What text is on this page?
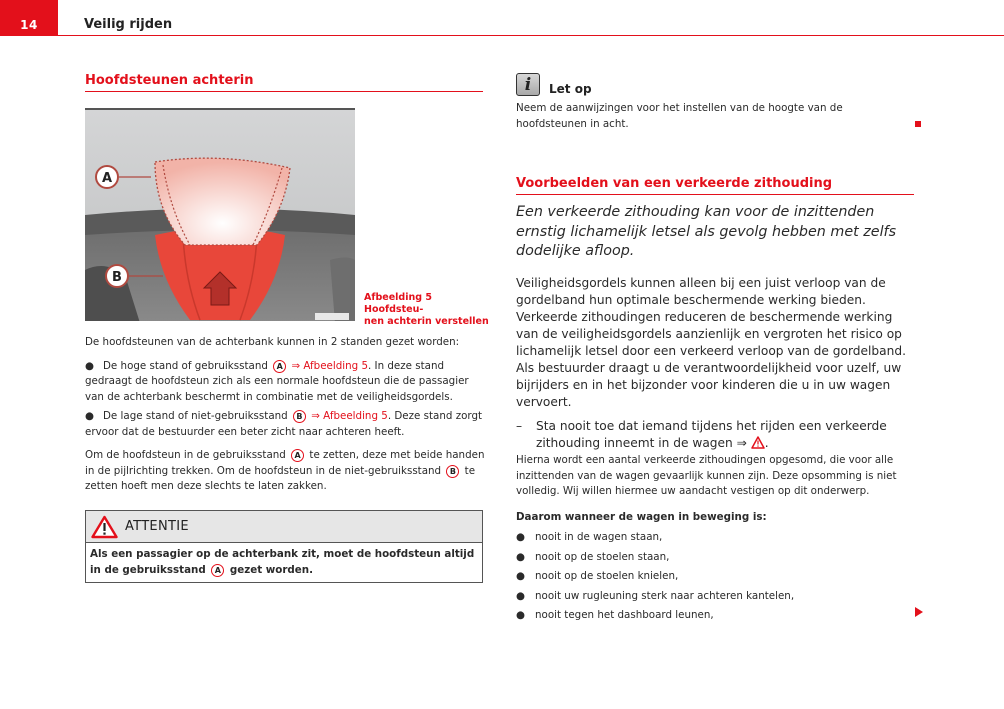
14	Veilig rijden
Hoofdsteunen achterin
A
B
Afbeelding 5 Hoofdsteu-
nen achterin verstellen

De hoofdsteunen van de achterbank kunnen in 2 standen gezet worden:

● De hoge stand of gebruiksstand A ⇒ Afbeelding 5. In deze stand gedraagt de hoofdsteun zich als een normale hoofdsteun die de passagier van de achterbank beschermt in combinatie met de veiligheidsgordels.

● De lage stand of niet-gebruiksstand B ⇒ Afbeelding 5. Deze stand zorgt ervoor dat de bestuurder een beter zicht naar achteren heeft.

Om de hoofdsteun in de gebruiksstand A te zetten, deze met beide handen in de pijlrichting trekken. Om de hoofdsteun in de niet-gebruiksstand B te zetten hoeft men deze slechts te laten zakken.

ATTENTIE
Als een passagier op de achterbank zit, moet de hoofdsteun altijd in de gebruiksstand A gezet worden.
i	Let op
Neem de aanwijzingen voor het instellen van de hoogte van de hoofdsteunen in acht.
Voorbeelden van een verkeerde zithouding
Een verkeerde zithouding kan voor de inzittenden ernstig lichamelijk letsel als gevolg hebben met zelfs dodelijke afloop.

Veiligheidsgordels kunnen alleen bij een juist verloop van de gordelband hun optimale beschermende werking bieden. Verkeerde zithoudingen reduceren de beschermende werking van de veiligheidsgordels aanzienlijk en vergroten het risico op lichamelijk letsel door een verkeerd verloop van de gordelband. Als bestuurder draagt u de verantwoordelijkheid voor uzelf, uw bijrijders en in het bijzonder voor kinderen die u in uw wagen vervoert.

–	Sta nooit toe dat iemand tijdens het rijden een verkeerde zithouding inneemt in de wagen ⇒ .
Hierna wordt een aantal verkeerde zithoudingen opgesomd, die voor alle inzittenden van de wagen gevaarlijk kunnen zijn. Deze opsomming is niet volledig. Wij willen hiermee uw aandacht vestigen op dit onderwerp.
Daarom wanneer de wagen in beweging is:
● nooit in de wagen staan,
● nooit op de stoelen staan,
● nooit op de stoelen knielen,
● nooit uw rugleuning sterk naar achteren kantelen,
● nooit tegen het dashboard leunen,
